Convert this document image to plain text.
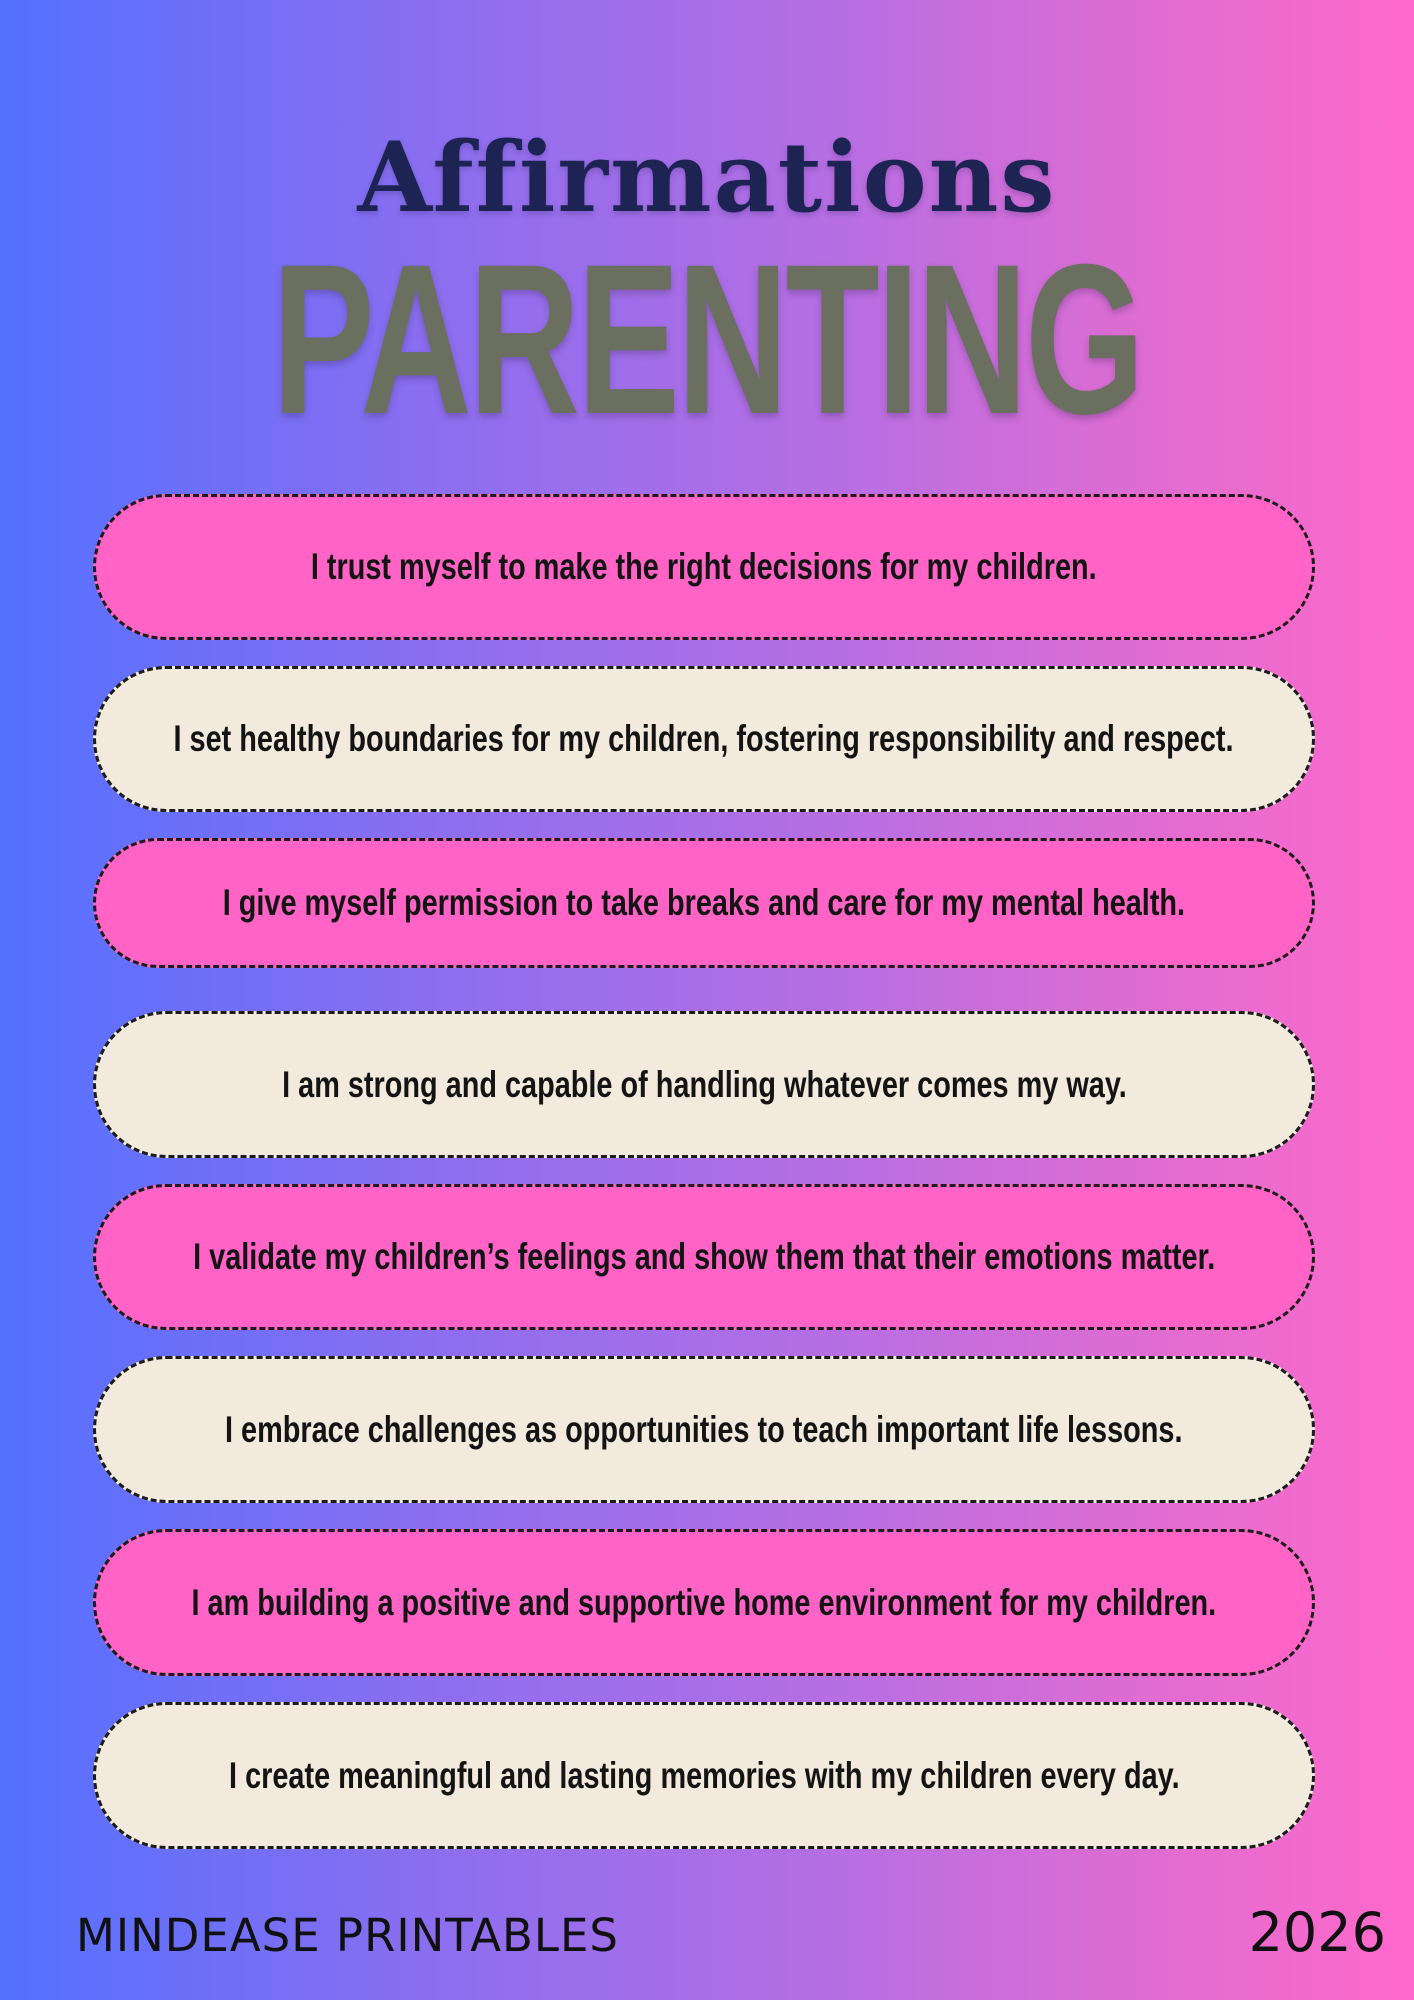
Affirmations
PARENTING
I trust myself to make the right decisions for my children.
I set healthy boundaries for my children, fostering responsibility and respect.
I give myself permission to take breaks and care for my mental health.
I am strong and capable of handling whatever comes my way.
I validate my children’s feelings and show them that their emotions matter.
I embrace challenges as opportunities to teach important life lessons.
I am building a positive and supportive home environment for my children.
I create meaningful and lasting memories with my children every day.
MINDEASE PRINTABLES	2026
